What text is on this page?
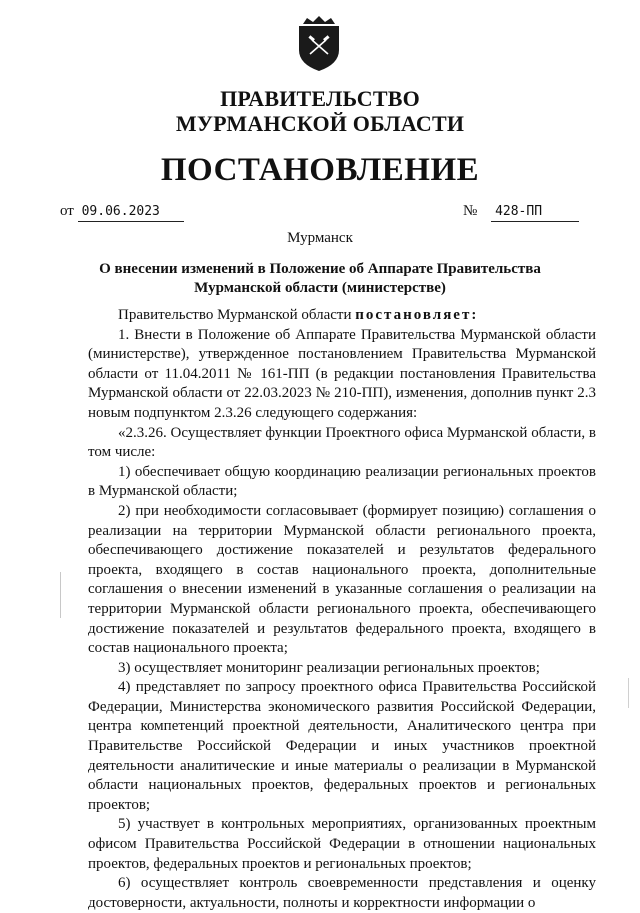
ПРАВИТЕЛЬСТВО
МУРМАНСКОЙ ОБЛАСТИ
ПОСТАНОВЛЕНИЕ
от 09.06.2023	№ 428-ПП
Мурманск
О внесении изменений в Положение об Аппарате Правительства
Мурманской области (министерстве)

Правительство Мурманской области постановляет:

1. Внести в Положение об Аппарате Правительства Мурманской области (министерстве), утвержденное постановлением Правительства Мурманской области от 11.04.2011 № 161-ПП (в редакции постановления Правительства Мурманской области от 22.03.2023 № 210-ПП), изменения, дополнив пункт 2.3 новым подпунктом 2.3.26 следующего содержания:

«2.3.26. Осуществляет функции Проектного офиса Мурманской области, в том числе:

1) обеспечивает общую координацию реализации региональных проектов в Мурманской области;

2) при необходимости согласовывает (формирует позицию) соглашения о реализации на территории Мурманской области регионального проекта, обеспечивающего достижение показателей и результатов федерального проекта, входящего в состав национального проекта, дополнительные соглашения о внесении изменений в указанные соглашения о реализации на территории Мурманской области регионального проекта, обеспечивающего достижение показателей и результатов федерального проекта, входящего в состав национального проекта;

3) осуществляет мониторинг реализации региональных проектов;

4) представляет по запросу проектного офиса Правительства Российской Федерации, Министерства экономического развития Российской Федерации, центра компетенций проектной деятельности, Аналитического центра при Правительстве Российской Федерации и иных участников проектной деятельности аналитические и иные материалы о реализации в Мурманской области национальных проектов, федеральных проектов и региональных проектов;

5) участвует в контрольных мероприятиях, организованных проектным офисом Правительства Российской Федерации в отношении национальных проектов, федеральных проектов и региональных проектов;

6) осуществляет контроль своевременности представления и оценку достоверности, актуальности, полноты и корректности информации о
